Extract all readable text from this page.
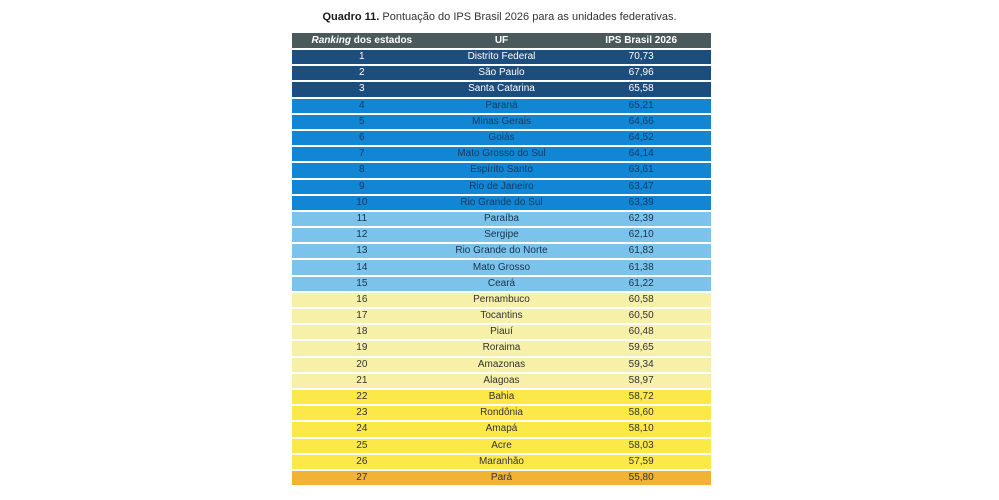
Quadro 11. Pontuação do IPS Brasil 2026 para as unidades federativas.
Ranking dos estados	UF	IPS Brasil 2026
1	Distrito Federal	70,73
2	São Paulo	67,96
3	Santa Catarina	65,58
4	Paraná	65,21
5	Minas Gerais	64,66
6	Goiás	64,52
7	Mato Grosso do Sul	64,14
8	Espírito Santo	63,61
9	Rio de Janeiro	63,47
10	Rio Grande do Sul	63,39
11	Paraíba	62,39
12	Sergipe	62,10
13	Rio Grande do Norte	61,83
14	Mato Grosso	61,38
15	Ceará	61,22
16	Pernambuco	60,58
17	Tocantins	60,50
18	Piauí	60,48
19	Roraima	59,65
20	Amazonas	59,34
21	Alagoas	58,97
22	Bahia	58,72
23	Rondônia	58,60
24	Amapá	58,10
25	Acre	58,03
26	Maranhão	57,59
27	Pará	55,80
